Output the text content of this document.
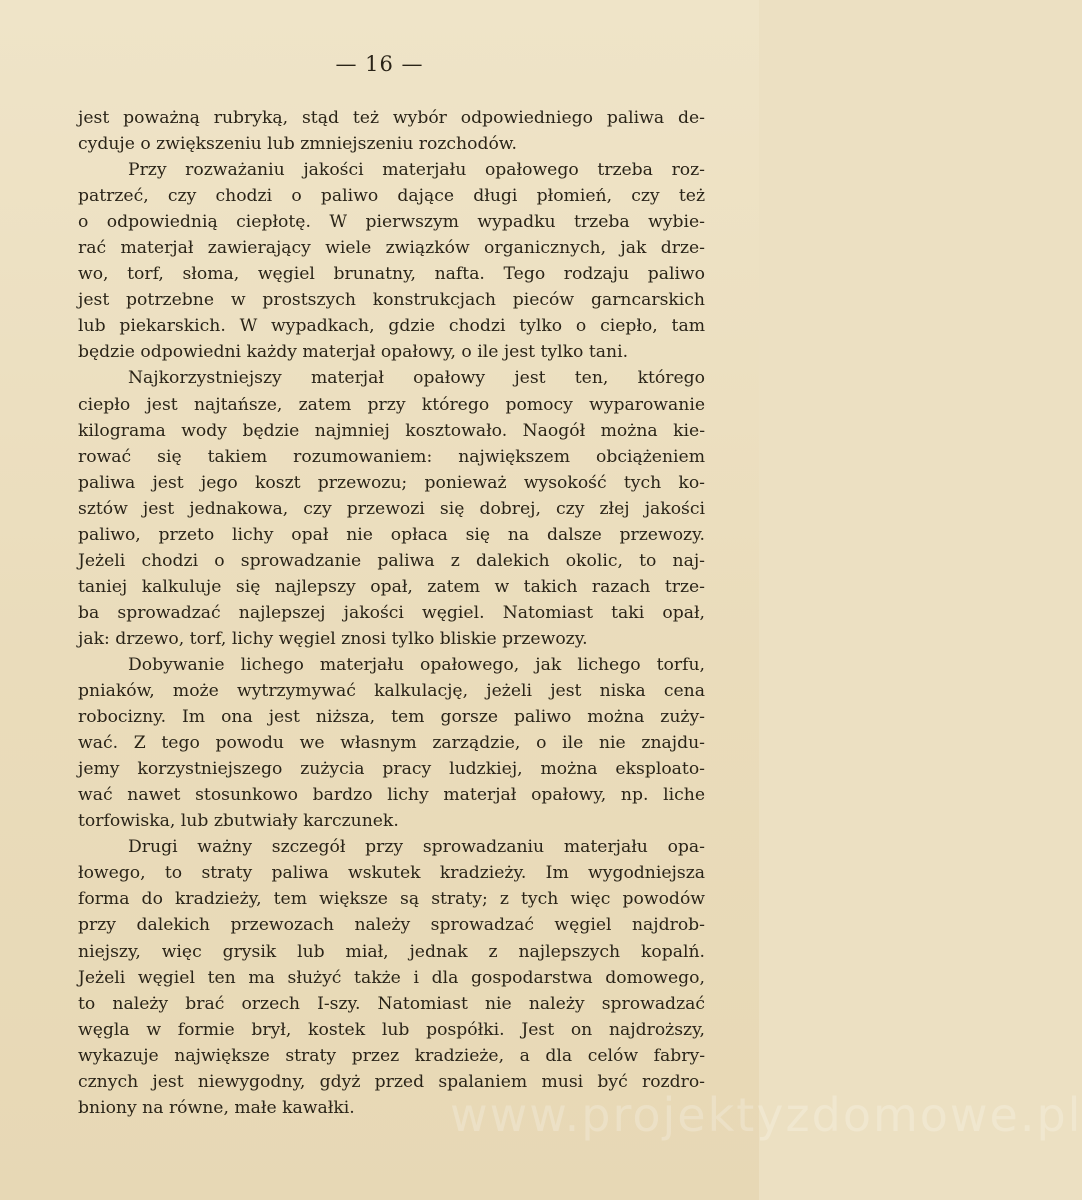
— 16 —
jest poważną rubryką, stąd też wybór odpowiedniego paliwa de-
cyduje o zwiększeniu lub zmniejszeniu rozchodów.
Przy rozważaniu jakości materjału opałowego trzeba roz-
patrzeć, czy chodzi o paliwo dające długi płomień, czy też
o odpowiednią ciepłotę. W pierwszym wypadku trzeba wybie-
rać materjał zawierający wiele związków organicznych, jak drze-
wo, torf, słoma, węgiel brunatny, nafta. Tego rodzaju paliwo
jest potrzebne w prostszych konstrukcjach pieców garncarskich
lub piekarskich. W wypadkach, gdzie chodzi tylko o ciepło, tam
będzie odpowiedni każdy materjał opałowy, o ile jest tylko tani.
Najkorzystniejszy materjał opałowy jest ten, którego
ciepło jest najtańsze, zatem przy którego pomocy wyparowanie
kilograma wody będzie najmniej kosztowało. Naogół można kie-
rować się takiem rozumowaniem: największem obciążeniem
paliwa jest jego koszt przewozu; ponieważ wysokość tych ko-
sztów jest jednakowa, czy przewozi się dobrej, czy złej jakości
paliwo, przeto lichy opał nie opłaca się na dalsze przewozy.
Jeżeli chodzi o sprowadzanie paliwa z dalekich okolic, to naj-
taniej kalkuluje się najlepszy opał, zatem w takich razach trze-
ba sprowadzać najlepszej jakości węgiel. Natomiast taki opał,
jak: drzewo, torf, lichy węgiel znosi tylko bliskie przewozy.
Dobywanie lichego materjału opałowego, jak lichego torfu,
pniaków, może wytrzymywać kalkulację, jeżeli jest niska cena
robocizny. Im ona jest niższa, tem gorsze paliwo można zuży-
wać. Z tego powodu we własnym zarządzie, o ile nie znajdu-
jemy korzystniejszego zużycia pracy ludzkiej, można eksploato-
wać nawet stosunkowo bardzo lichy materjał opałowy, np. liche
torfowiska, lub zbutwiały karczunek.
Drugi ważny szczegół przy sprowadzaniu materjału opa-
łowego, to straty paliwa wskutek kradzieży. Im wygodniejsza
forma do kradzieży, tem większe są straty; z tych więc powodów
przy dalekich przewozach należy sprowadzać węgiel najdrob-
niejszy, więc grysik lub miał, jednak z najlepszych kopalń.
Jeżeli węgiel ten ma służyć także i dla gospodarstwa domowego,
to należy brać orzech I-szy. Natomiast nie należy sprowadzać
węgla w formie brył, kostek lub pospółki. Jest on najdroższy,
wykazuje największe straty przez kradzieże, a dla celów fabry-
cznych jest niewygodny, gdyż przed spalaniem musi być rozdro-
bniony na równe, małe kawałki.	www.projektyzdomowe.pl
